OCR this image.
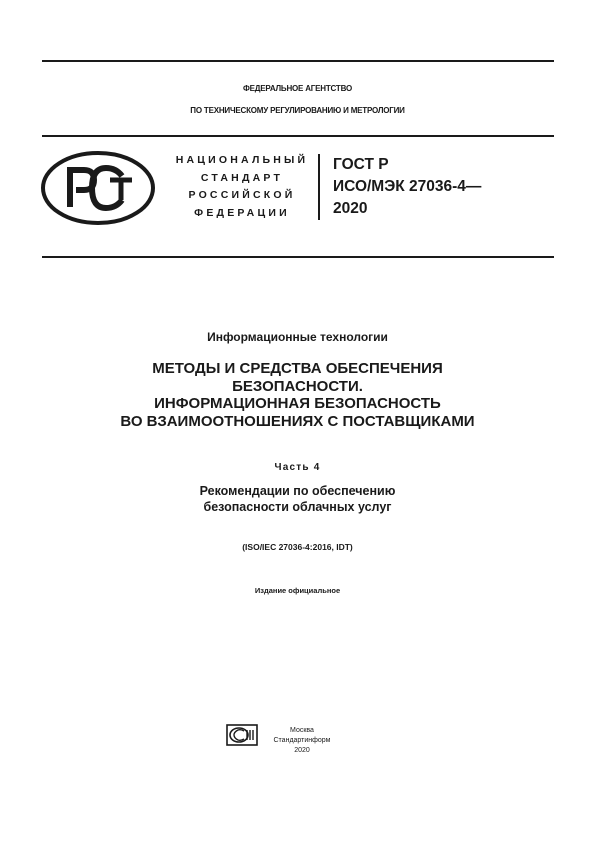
ФЕДЕРАЛЬНОЕ АГЕНТСТВО
ПО ТЕХНИЧЕСКОМУ РЕГУЛИРОВАНИЮ И МЕТРОЛОГИИ
НАЦИОНАЛЬНЫЙ
СТАНДАРТ
РОССИЙСКОЙ
ФЕДЕРАЦИИ
ГОСТ Р
ИСО/МЭК 27036-4—
2020
Информационные технологии
МЕТОДЫ И СРЕДСТВА ОБЕСПЕЧЕНИЯ
БЕЗОПАСНОСТИ.
ИНФОРМАЦИОННАЯ БЕЗОПАСНОСТЬ
ВО ВЗАИМООТНОШЕНИЯХ С ПОСТАВЩИКАМИ
Часть 4
Рекомендации по обеспечению
безопасности облачных услуг
(ISO/IEC 27036-4:2016, IDT)
Издание официальное
Москва
Стандартинформ
2020
